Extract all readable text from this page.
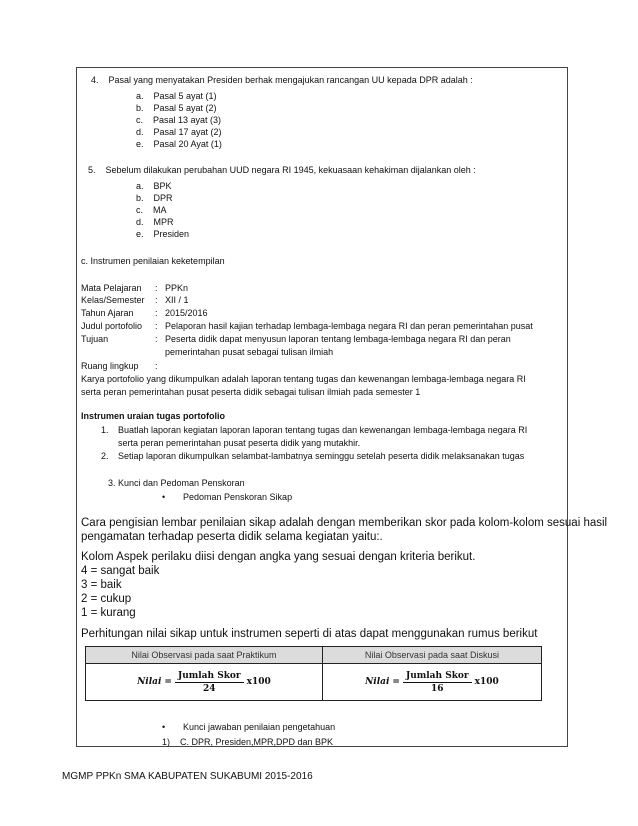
4.    Pasal yang menyatakan Presiden berhak mengajukan rancangan UU kepada DPR adalah :
a.    Pasal 5 ayat (1)
b.    Pasal 5 ayat (2)
c.    Pasal 13 ayat (3)
d.    Pasal 17 ayat (2)
e.    Pasal 20 Ayat (1)
5.    Sebelum dilakukan perubahan UUD negara RI 1945, kekuasaan kehakiman dijalankan oleh :
a.    BPK
b.    DPR
c.    MA
d.    MPR
e.    Presiden
c. Instrumen penilaian keketempilan
Mata Pelajaran : PPKn
Kelas/Semester : XII / 1
Tahun Ajaran : 2015/2016
Judul portofolio : Pelaporan hasil kajian terhadap lembaga-lembaga negara RI dan peran pemerintahan pusat
Tujuan	: Peserta didik dapat menyusun laporan tentang lembaga-lembaga negara RI dan peran
pemerintahan pusat sebagai tulisan ilmiah
Ruang lingkup :
Karya portofolio yang dikumpulkan adalah laporan tentang tugas dan kewenangan lembaga-lembaga negara RI
serta peran pemerintahan pusat peserta didik sebagai tulisan ilmiah pada semester 1
Instrumen uraian tugas portofolio
1. Buatlah laporan kegiatan laporan laporan tentang tugas dan kewenangan lembaga-lembaga negara RI
serta peran pemerintahan pusat peserta didik yang mutakhir.
2. Setiap laporan dikumpulkan selambat-lambatnya seminggu setelah peserta didik melaksanakan tugas
3. Kunci dan Pedoman Penskoran
• Pedoman Penskoran Sikap
Cara pengisian lembar penilaian sikap adalah dengan memberikan skor pada kolom-kolom sesuai hasil
pengamatan terhadap peserta didik selama kegiatan yaitu:.
Kolom Aspek perilaku diisi dengan angka yang sesuai dengan kriteria berikut.
4 = sangat baik
3 = baik
2 = cukup
1 = kurang
Perhitungan nilai sikap untuk instrumen seperti di atas dapat menggunakan rumus berikut
Nilai Observasi pada saat Praktikum	Nilai Observasi pada saat Diskusi

Nilai = $\frac{\text{Jumlah Skor}}{24} x100$	Nilai = $\frac{\text{Jumlah Skor}}{16} x100$
• Kunci jawaban penilaian pengetahuan
1)    C. DPR, Presiden,MPR,DPD dan BPK
MGMP PPKn SMA KABUPATEN SUKABUMI 2015-2016
